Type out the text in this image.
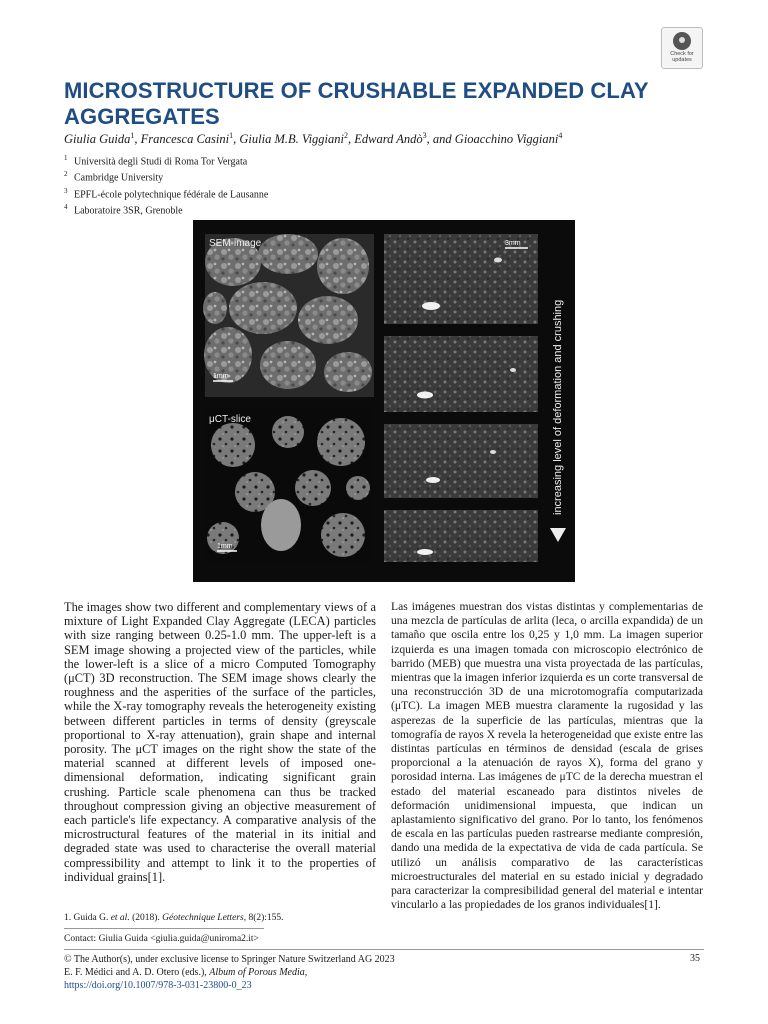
Check for
updates
MICROSTRUCTURE OF CRUSHABLE EXPANDED CLAY AGGREGATES
Giulia Guida$^1$, Francesca Casini$^1$, Giulia M.B. Viggiani$^2$, Edward Andò$^3$, and Gioacchino Viggiani$^4$
$^1$ Università degli Studi di Roma Tor Vergata
$^2$ Cambridge University
$^3$ EPFL-école polytechnique fédérale de Lausanne
$^4$ Laboratoire 3SR, Grenoble
SEM-image
μCT-slice
1mm
1mm
3mm
increasing level of deformation and crushing
The images show two different and complementary views of a mixture of Light Expanded Clay Aggregate (LECA) particles with size ranging between 0.25-1.0 mm. The upper-left is a SEM image showing a projected view of the particles, while the lower-left is a slice of a micro Computed Tomography (μCT) 3D reconstruction. The SEM image shows clearly the roughness and the asperities of the surface of the particles, while the X-ray tomography reveals the heterogeneity existing between different particles in terms of density (greyscale proportional to X-ray attenuation), grain shape and internal porosity. The μCT images on the right show the state of the material scanned at different levels of imposed one-dimensional deformation, indicating significant grain crushing. Particle scale phenomena can thus be tracked throughout compression giving an objective measurement of each particle's life expectancy. A comparative analysis of the microstructural features of the material in its initial and degraded state was used to characterise the overall material compressibility and attempt to link it to the properties of individual grains[1].
Las imágenes muestran dos vistas distintas y complementarias de una mezcla de partículas de arlita (leca, o arcilla expandida) de un tamaño que oscila entre los 0,25 y 1,0 mm. La imagen superior izquierda es una imagen tomada con microscopio electrónico de barrido (MEB) que muestra una vista proyectada de las partículas, mientras que la imagen inferior izquierda es un corte transversal de una reconstrucción 3D de una microtomografía computarizada (μTC). La imagen MEB muestra claramente la rugosidad y las asperezas de la superficie de las partículas, mientras que la tomografía de rayos X revela la heterogeneidad que existe entre las distintas partículas en términos de densidad (escala de grises proporcional a la atenuación de rayos X), forma del grano y porosidad interna. Las imágenes de μTC de la derecha muestran el estado del material escaneado para distintos niveles de deformación unidimensional impuesta, que indican un aplastamiento significativo del grano. Por lo tanto, los fenómenos de escala en las partículas pueden rastrearse mediante compresión, dando una medida de la expectativa de vida de cada partícula. Se utilizó un análisis comparativo de las características microestructurales del material en su estado inicial y degradado para caracterizar la compresibilidad general del material e intentar vincularlo a las propiedades de los granos individuales[1].
1. Guida G. et al. (2018). Géotechnique Letters, 8(2):155.
Contact: Giulia Guida <giulia.guida@uniroma2.it>
© The Author(s), under exclusive license to Springer Nature Switzerland AG 2023
E. F. Médici and A. D. Otero (eds.), Album of Porous Media,
https://doi.org/10.1007/978-3-031-23800-0_23
35
